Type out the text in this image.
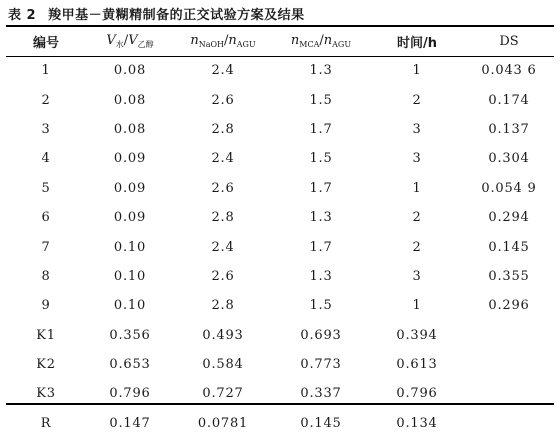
表 2 羧甲基－黄糊精制备的正交试验方案及结果
编号	$V_水/V_{乙醇}$	$n_{NaOH}/n_{AGU}$	$n_{MCA}/n_{AGU}$	时间/h	DS
1	0.08	2.4	1.3	1	0.043 6
2	0.08	2.6	1.5	2	0.174
3	0.08	2.8	1.7	3	0.137
4	0.09	2.4	1.5	3	0.304
5	0.09	2.6	1.7	1	0.054 9
6	0.09	2.8	1.3	2	0.294
7	0.10	2.4	1.7	2	0.145
8	0.10	2.6	1.3	3	0.355
9	0.10	2.8	1.5	1	0.296
K1	0.356	0.493	0.693	0.394	
K2	0.653	0.584	0.773	0.613	
K3	0.796	0.727	0.337	0.796	
R	0.147	0.0781	0.145	0.134	
